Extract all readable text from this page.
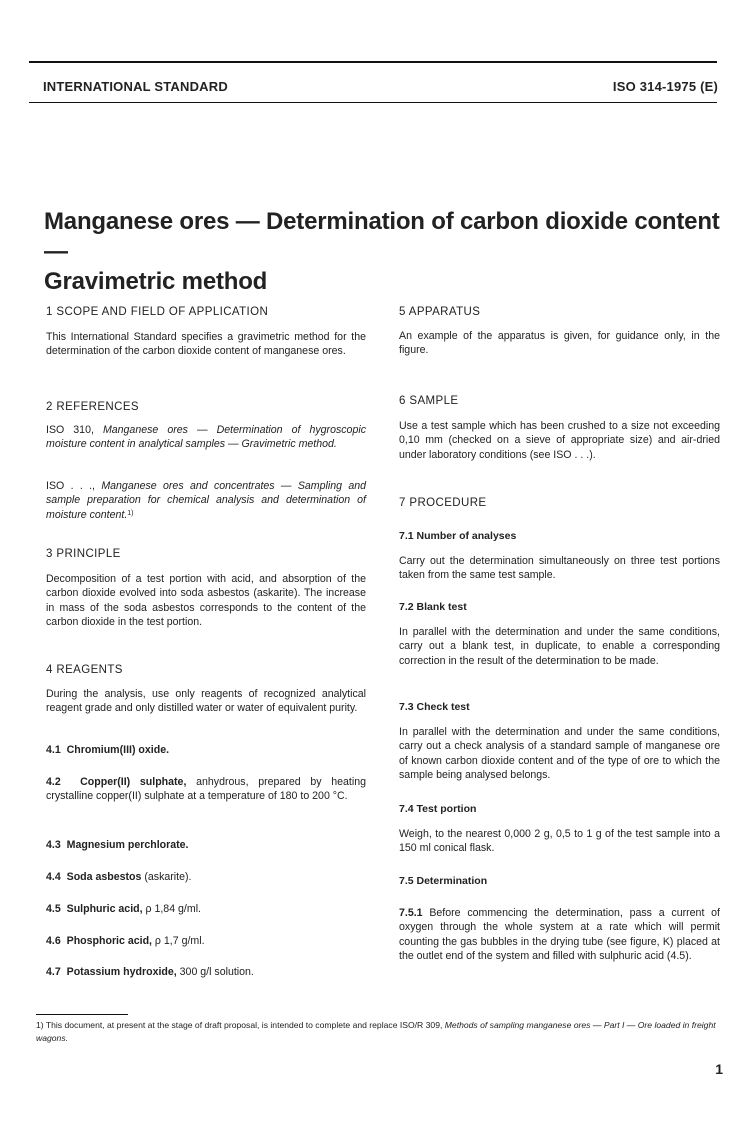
INTERNATIONAL STANDARD	ISO 314-1975 (E)
Manganese ores — Determination of carbon dioxide content —
Gravimetric method
1 SCOPE AND FIELD OF APPLICATION

This International Standard specifies a gravimetric method for the determination of the carbon dioxide content of manganese ores.

2 REFERENCES

ISO 310, Manganese ores — Determination of hygroscopic moisture content in analytical samples — Gravimetric method.

ISO . . ., Manganese ores and concentrates — Sampling and sample preparation for chemical analysis and determination of moisture content.$^{1)}$

3 PRINCIPLE

Decomposition of a test portion with acid, and absorption of the carbon dioxide evolved into soda asbestos (askarite). The increase in mass of the soda asbestos corresponds to the content of the carbon dioxide in the test portion.

4 REAGENTS

During the analysis, use only reagents of recognized analytical reagent grade and only distilled water or water of equivalent purity.

4.1 Chromium(III) oxide.

4.2 Copper(II) sulphate, anhydrous, prepared by heating crystalline copper(II) sulphate at a temperature of 180 to 200 °C.

4.3 Magnesium perchlorate.
4.4 Soda asbestos (askarite).
4.5 Sulphuric acid, ρ 1,84 g/ml.
4.6 Phosphoric acid, ρ 1,7 g/ml.
4.7 Potassium hydroxide, 300 g/l solution.
5 APPARATUS

An example of the apparatus is given, for guidance only, in the figure.

6 SAMPLE

Use a test sample which has been crushed to a size not exceeding 0,10 mm (checked on a sieve of appropriate size) and air-dried under laboratory conditions (see ISO . . .).

7 PROCEDURE
7.1 Number of analyses

Carry out the determination simultaneously on three test portions taken from the same test sample.

7.2 Blank test

In parallel with the determination and under the same conditions, carry out a blank test, in duplicate, to enable a corresponding correction in the result of the determination to be made.

7.3 Check test

In parallel with the determination and under the same conditions, carry out a check analysis of a standard sample of manganese ore of known carbon dioxide content and of the type of ore to which the sample being analysed belongs.

7.4 Test portion

Weigh, to the nearest 0,000 2 g, 0,5 to 1 g of the test sample into a 150 ml conical flask.

7.5 Determination

7.5.1 Before commencing the determination, pass a current of oxygen through the whole system at a rate which will permit counting the gas bubbles in the drying tube (see figure, K) placed at the outlet end of the system and filled with sulphuric acid (4.5).

1) This document, at present at the stage of draft proposal, is intended to complete and replace ISO/R 309, Methods of sampling manganese ores — Part I — Ore loaded in freight wagons.
1
